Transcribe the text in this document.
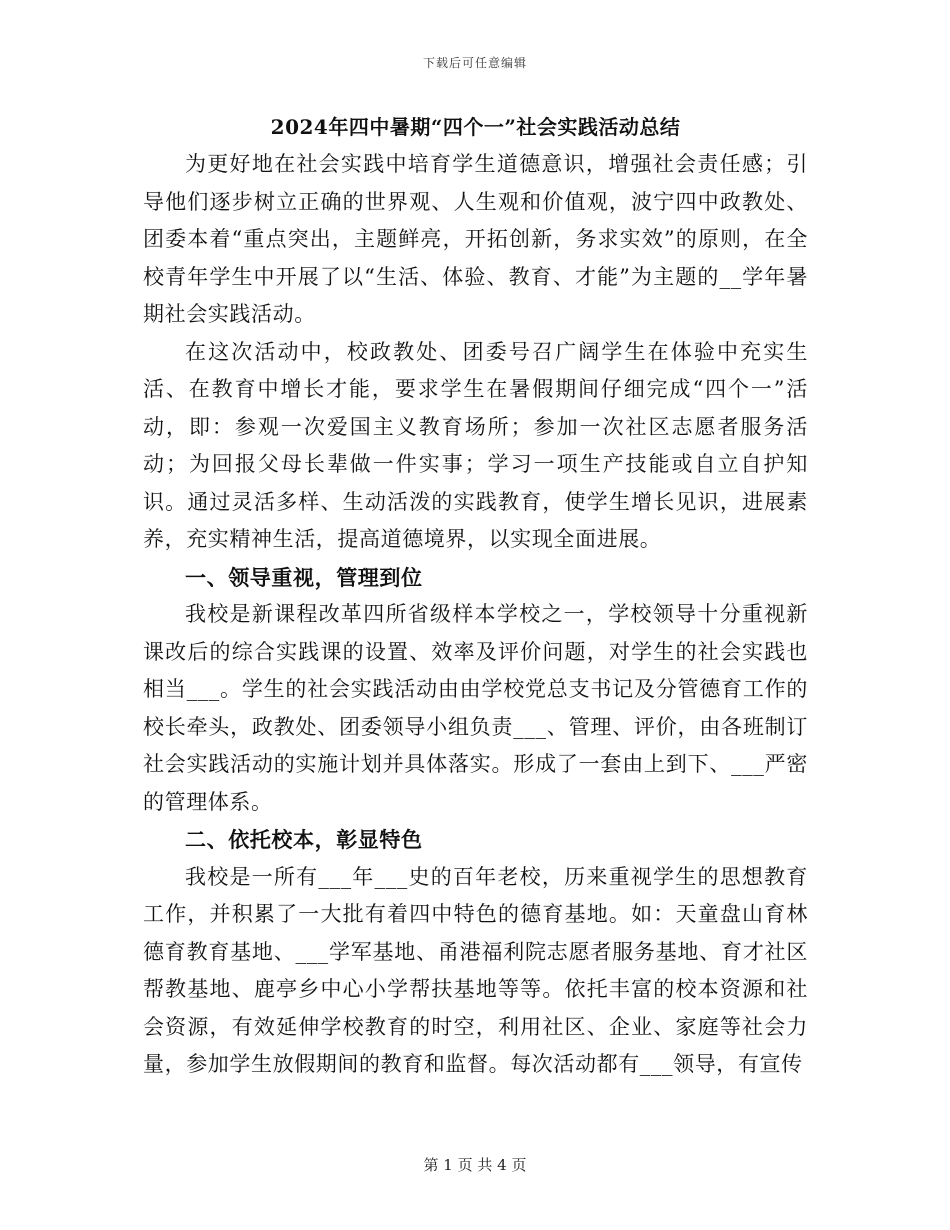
下载后可任意编辑
2024年四中暑期“四个一”社会实践活动总结

为更好地在社会实践中培育学生道德意识，增强社会责任感；引导他们逐步树立正确的世界观、人生观和价值观，波宁四中政教处、团委本着“重点突出，主题鲜亮，开拓创新，务求实效”的原则，在全校青年学生中开展了以“生活、体验、教育、才能”为主题的__学年暑期社会实践活动。

在这次活动中，校政教处、团委号召广阔学生在体验中充实生活、在教育中增长才能，要求学生在暑假期间仔细完成“四个一”活动，即：参观一次爱国主义教育场所；参加一次社区志愿者服务活动；为回报父母长辈做一件实事；学习一项生产技能或自立自护知识。通过灵活多样、生动活泼的实践教育，使学生增长见识，进展素养，充实精神生活，提高道德境界，以实现全面进展。

一、领导重视，管理到位

我校是新课程改革四所省级样本学校之一，学校领导十分重视新课改后的综合实践课的设置、效率及评价问题，对学生的社会实践也相当___。学生的社会实践活动由由学校党总支书记及分管德育工作的校长牵头，政教处、团委领导小组负责___、管理、评价，由各班制订社会实践活动的实施计划并具体落实。形成了一套由上到下、___严密的管理体系。

二、依托校本，彰显特色

我校是一所有___年___史的百年老校，历来重视学生的思想教育工作，并积累了一大批有着四中特色的德育基地。如：天童盘山育林德育教育基地、___学军基地、甬港福利院志愿者服务基地、育才社区帮教基地、鹿亭乡中心小学帮扶基地等等。依托丰富的校本资源和社会资源，有效延伸学校教育的时空，利用社区、企业、家庭等社会力量，参加学生放假期间的教育和监督。每次活动都有___领导，有宣传

第 1 页 共 4 页
